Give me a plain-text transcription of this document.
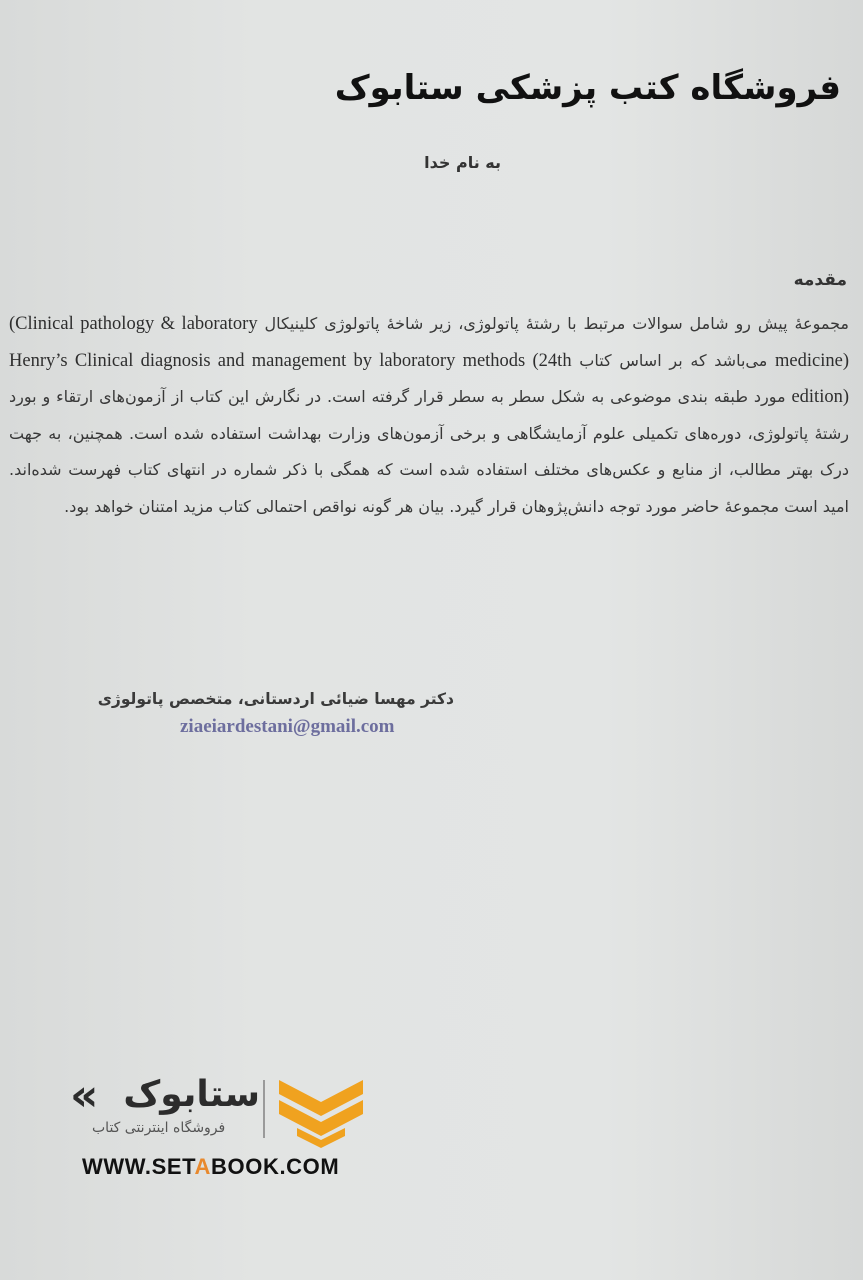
فروشگاه کتب پزشکی ستابوک
به نام خدا
مقدمه

مجموعهٔ پیش رو شامل سوالات مرتبط با رشتهٔ پاتولوژی، زیر شاخهٔ پاتولوژی کلینیکال (Clinical pathology & laboratory medicine) می‌باشد که بر اساس کتاب Henry’s Clinical diagnosis and management by laboratory methods (24th edition) مورد طبقه بندی موضوعی به شکل سطر به سطر قرار گرفته است. در نگارش این کتاب از آزمون‌های ارتقاء و بورد رشتهٔ پاتولوژی، دوره‌های تکمیلی علوم آزمایشگاهی و برخی آزمون‌های وزارت بهداشت استفاده شده است. همچنین، به جهت درک بهتر مطالب، از منابع و عکس‌های مختلف استفاده شده است که همگی با ذکر شماره در انتهای کتاب فهرست شده‌اند. امید است مجموعهٔ حاضر مورد توجه دانش‌پژوهان قرار گیرد. بیان هر گونه نواقص احتمالی کتاب مزید امتنان خواهد بود.

دکتر مهسا ضیائی اردستانی، متخصص پاتولوژی
ziaeiardestani@gmail.com
« ستابوک
فروشگاه اینترنتی کتاب
WWW.SETABOOK.COM
